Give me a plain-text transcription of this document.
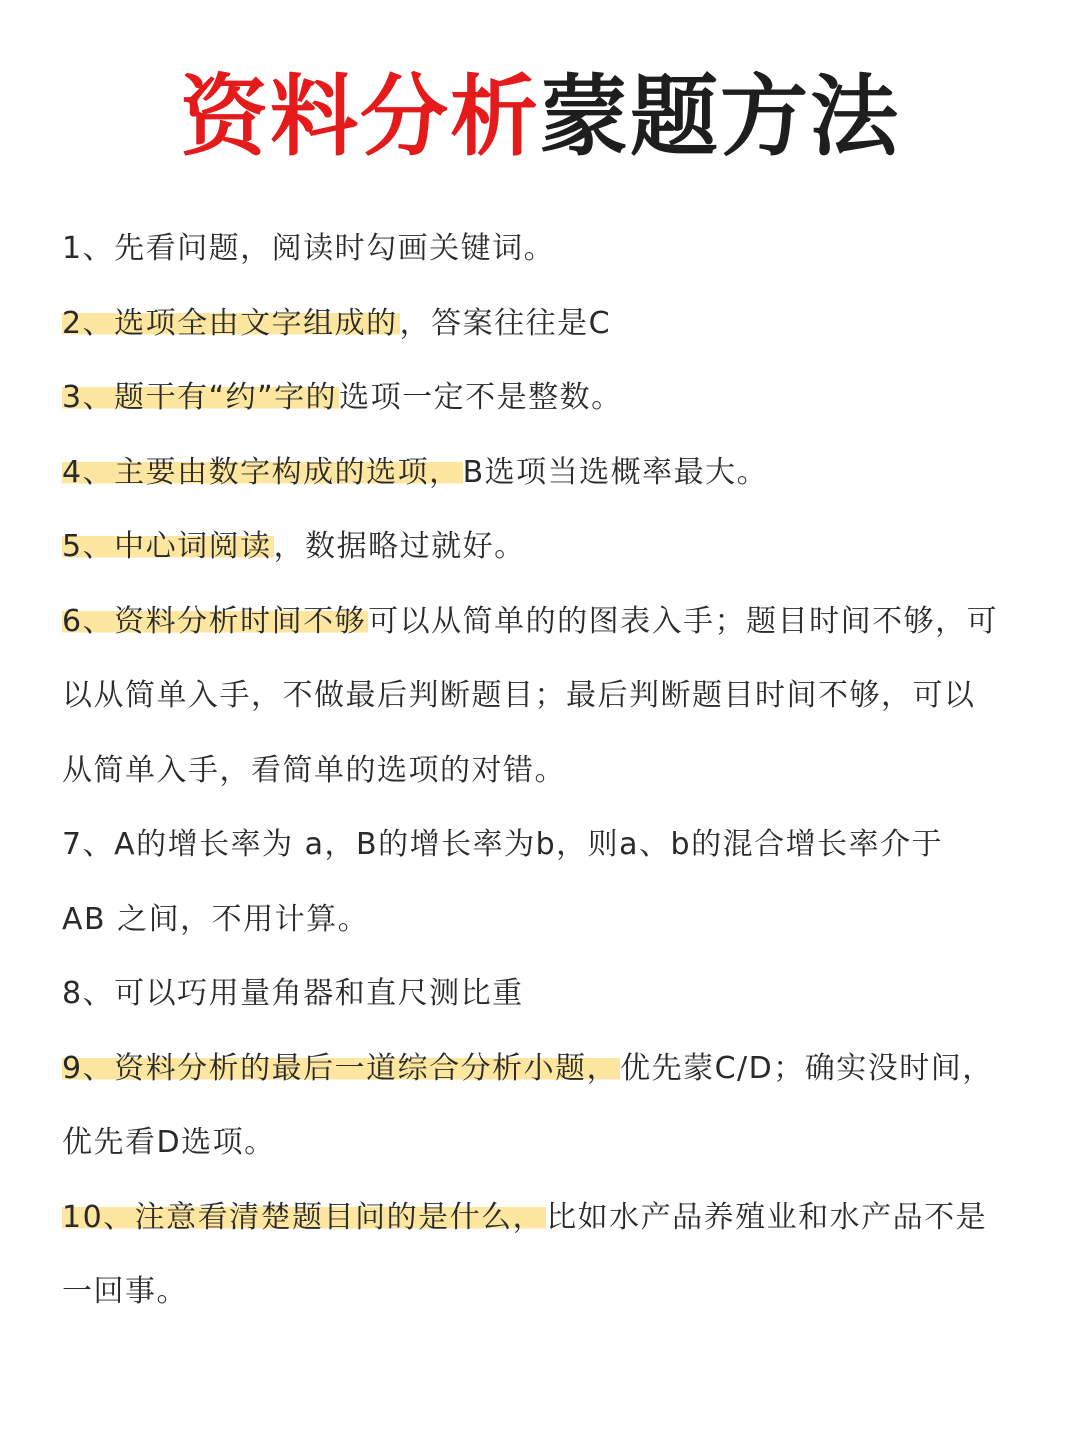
资料分析蒙题方法
1、先看问题，阅读时勾画关键词。
2、选项全由文字组成的，答案往往是C
3、题干有“约”字的选项一定不是整数。
4、主要由数字构成的选项，B选项当选概率最大。
5、中心词阅读，数据略过就好。
6、资料分析时间不够可以从简单的的图表入手；题目时间不够，可
以从简单入手，不做最后判断题目；最后判断题目时间不够，可以
从简单入手，看简单的选项的对错。
7、A的增长率为 a，B的增长率为b，则a、b的混合增长率介于
AB 之间，不用计算。
8、可以巧用量角器和直尺测比重
9、资料分析的最后一道综合分析小题，优先蒙C/D；确实没时间，
优先看D选项。
10、注意看清楚题目问的是什么，比如水产品养殖业和水产品不是
一回事。
